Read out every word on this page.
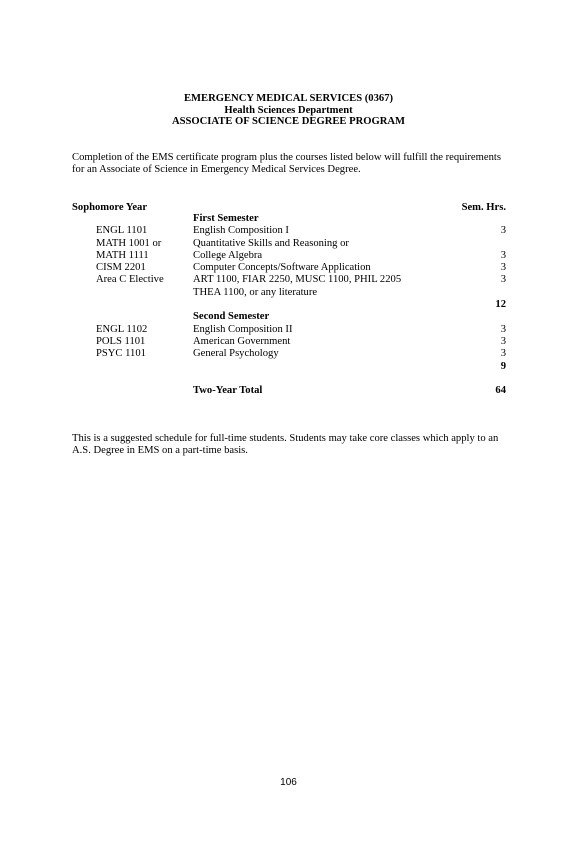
EMERGENCY MEDICAL SERVICES (0367)
Health Sciences Department
ASSOCIATE OF SCIENCE DEGREE PROGRAM
Completion of the EMS certificate program plus the courses listed below will fulfill the requirements
for an Associate of Science in Emergency Medical Services Degree.
Sophomore Year	Sem. Hrs.
First Semester
ENGL 1101	English Composition I	3
MATH 1001 or	Quantitative Skills and Reasoning or
MATH 1111	College Algebra	3
CISM 2201	Computer Concepts/Software Application	3
Area C Elective	ART 1100, FIAR 2250, MUSC 1100, PHIL 2205	3
THEA 1100, or any literature
12
Second Semester
ENGL 1102	English Composition II	3
POLS 1101	American Government	3
PSYC 1101	General Psychology	3
9
Two-Year Total	64
This is a suggested schedule for full-time students. Students may take core classes which apply to an
A.S. Degree in EMS on a part-time basis.
106
